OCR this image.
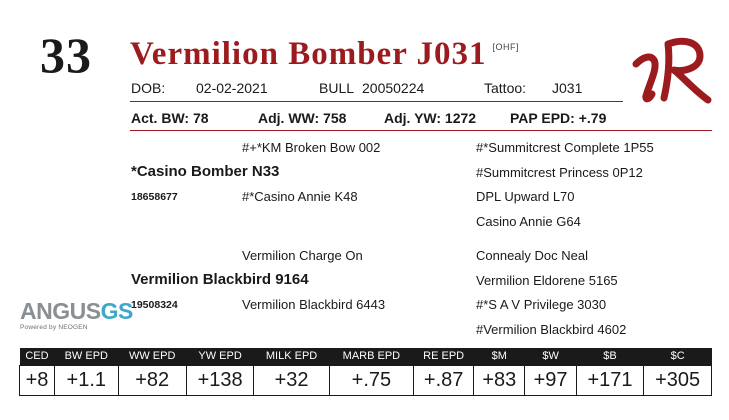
33 Vermilion Bomber J031 [OHF]
DOB: 02-02-2021	BULL 20050224	Tattoo: J031
Act. BW: 78	Adj. WW: 758	Adj. YW: 1272 PAP EPD: +.79
#+*KM Broken Bow 002
*Casino Bomber N33
18658677	#*Casino Annie K48
#*Summitcrest Complete 1P55
#Summitcrest Princess 0P12
DPL Upward L70
Casino Annie G64
Vermilion Charge On
Vermilion Blackbird 9164
19508324	Vermilion Blackbird 6443
Connealy Doc Neal
Vermilion Eldorene 5165
#*S A V Privilege 3030
#Vermilion Blackbird 4602
ANGUSGS
Powered by NEOGEN
CED	BW EPD	WW EPD	YW EPD	MILK EPD	MARB EPD	RE EPD	$M	$W	$B	$C
+8	+1.1	+82	+138	+32	+.75	+.87	+83	+97	+171	+305
